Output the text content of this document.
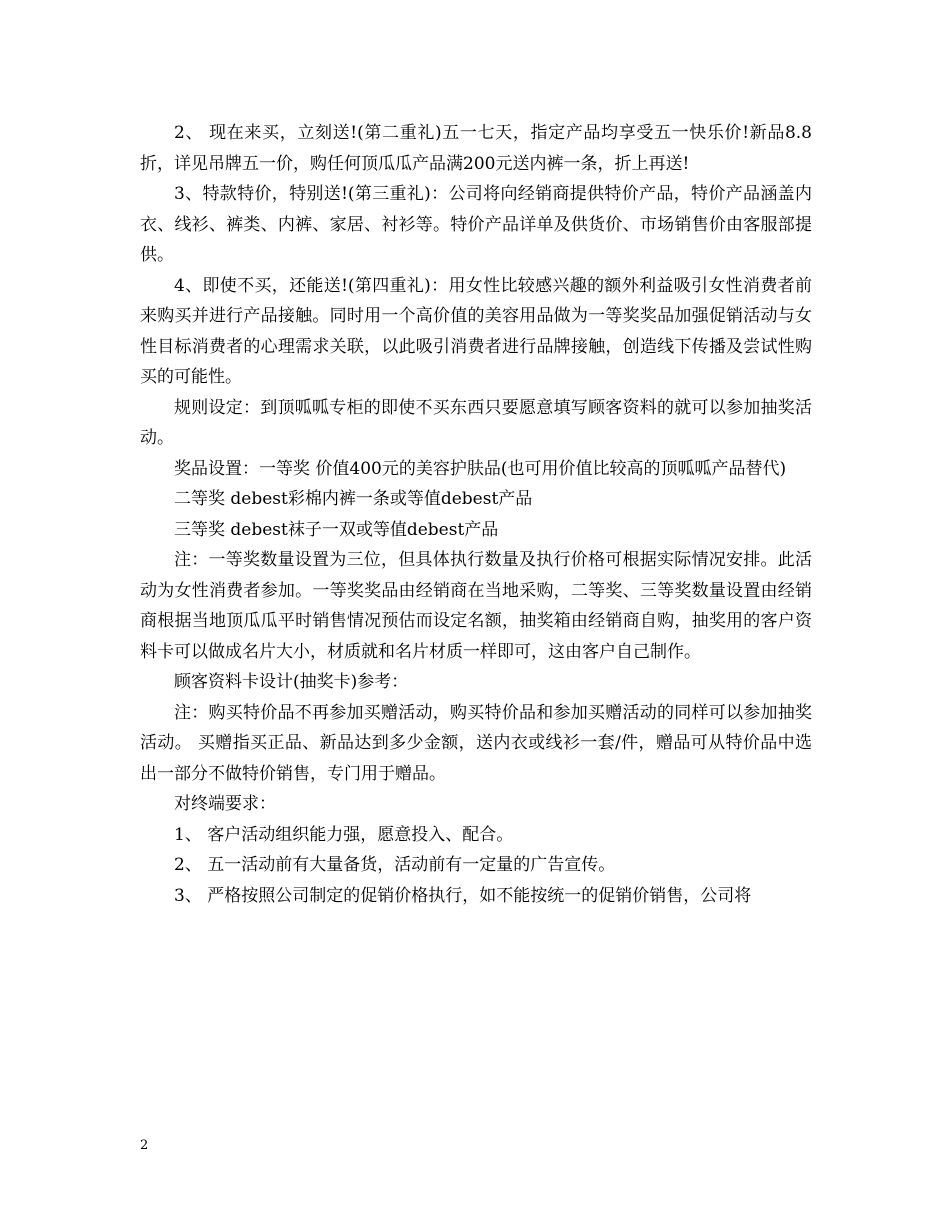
2、 现在来买，立刻送!(第二重礼)五一七天，指定产品均享受五一快乐价!新品8.8折，详见吊牌五一价，购任何顶瓜瓜产品满200元送内裤一条，折上再送!

3、特款特价，特别送!(第三重礼)：公司将向经销商提供特价产品，特价产品涵盖内衣、线衫、裤类、内裤、家居、衬衫等。特价产品详单及供货价、市场销售价由客服部提供。

4、即使不买，还能送!(第四重礼)：用女性比较感兴趣的额外利益吸引女性消费者前来购买并进行产品接触。同时用一个高价值的美容用品做为一等奖奖品加强促销活动与女性目标消费者的心理需求关联，以此吸引消费者进行品牌接触，创造线下传播及尝试性购买的可能性。

规则设定：到顶呱呱专柜的即使不买东西只要愿意填写顾客资料的就可以参加抽奖活动。

奖品设置：一等奖 价值400元的美容护肤品(也可用价值比较高的顶呱呱产品替代)

二等奖 debest彩棉内裤一条或等值debest产品

三等奖 debest袜子一双或等值debest产品

注：一等奖数量设置为三位，但具体执行数量及执行价格可根据实际情况安排。此活动为女性消费者参加。一等奖奖品由经销商在当地采购，二等奖、三等奖数量设置由经销商根据当地顶瓜瓜平时销售情况预估而设定名额，抽奖箱由经销商自购，抽奖用的客户资料卡可以做成名片大小，材质就和名片材质一样即可，这由客户自己制作。

顾客资料卡设计(抽奖卡)参考：

注：购买特价品不再参加买赠活动，购买特价品和参加买赠活动的同样可以参加抽奖活动。 买赠指买正品、新品达到多少金额，送内衣或线衫一套/件，赠品可从特价品中选出一部分不做特价销售，专门用于赠品。

对终端要求：

1、 客户活动组织能力强，愿意投入、配合。

2、 五一活动前有大量备货，活动前有一定量的广告宣传。

3、 严格按照公司制定的促销价格执行，如不能按统一的促销价销售，公司将

2
